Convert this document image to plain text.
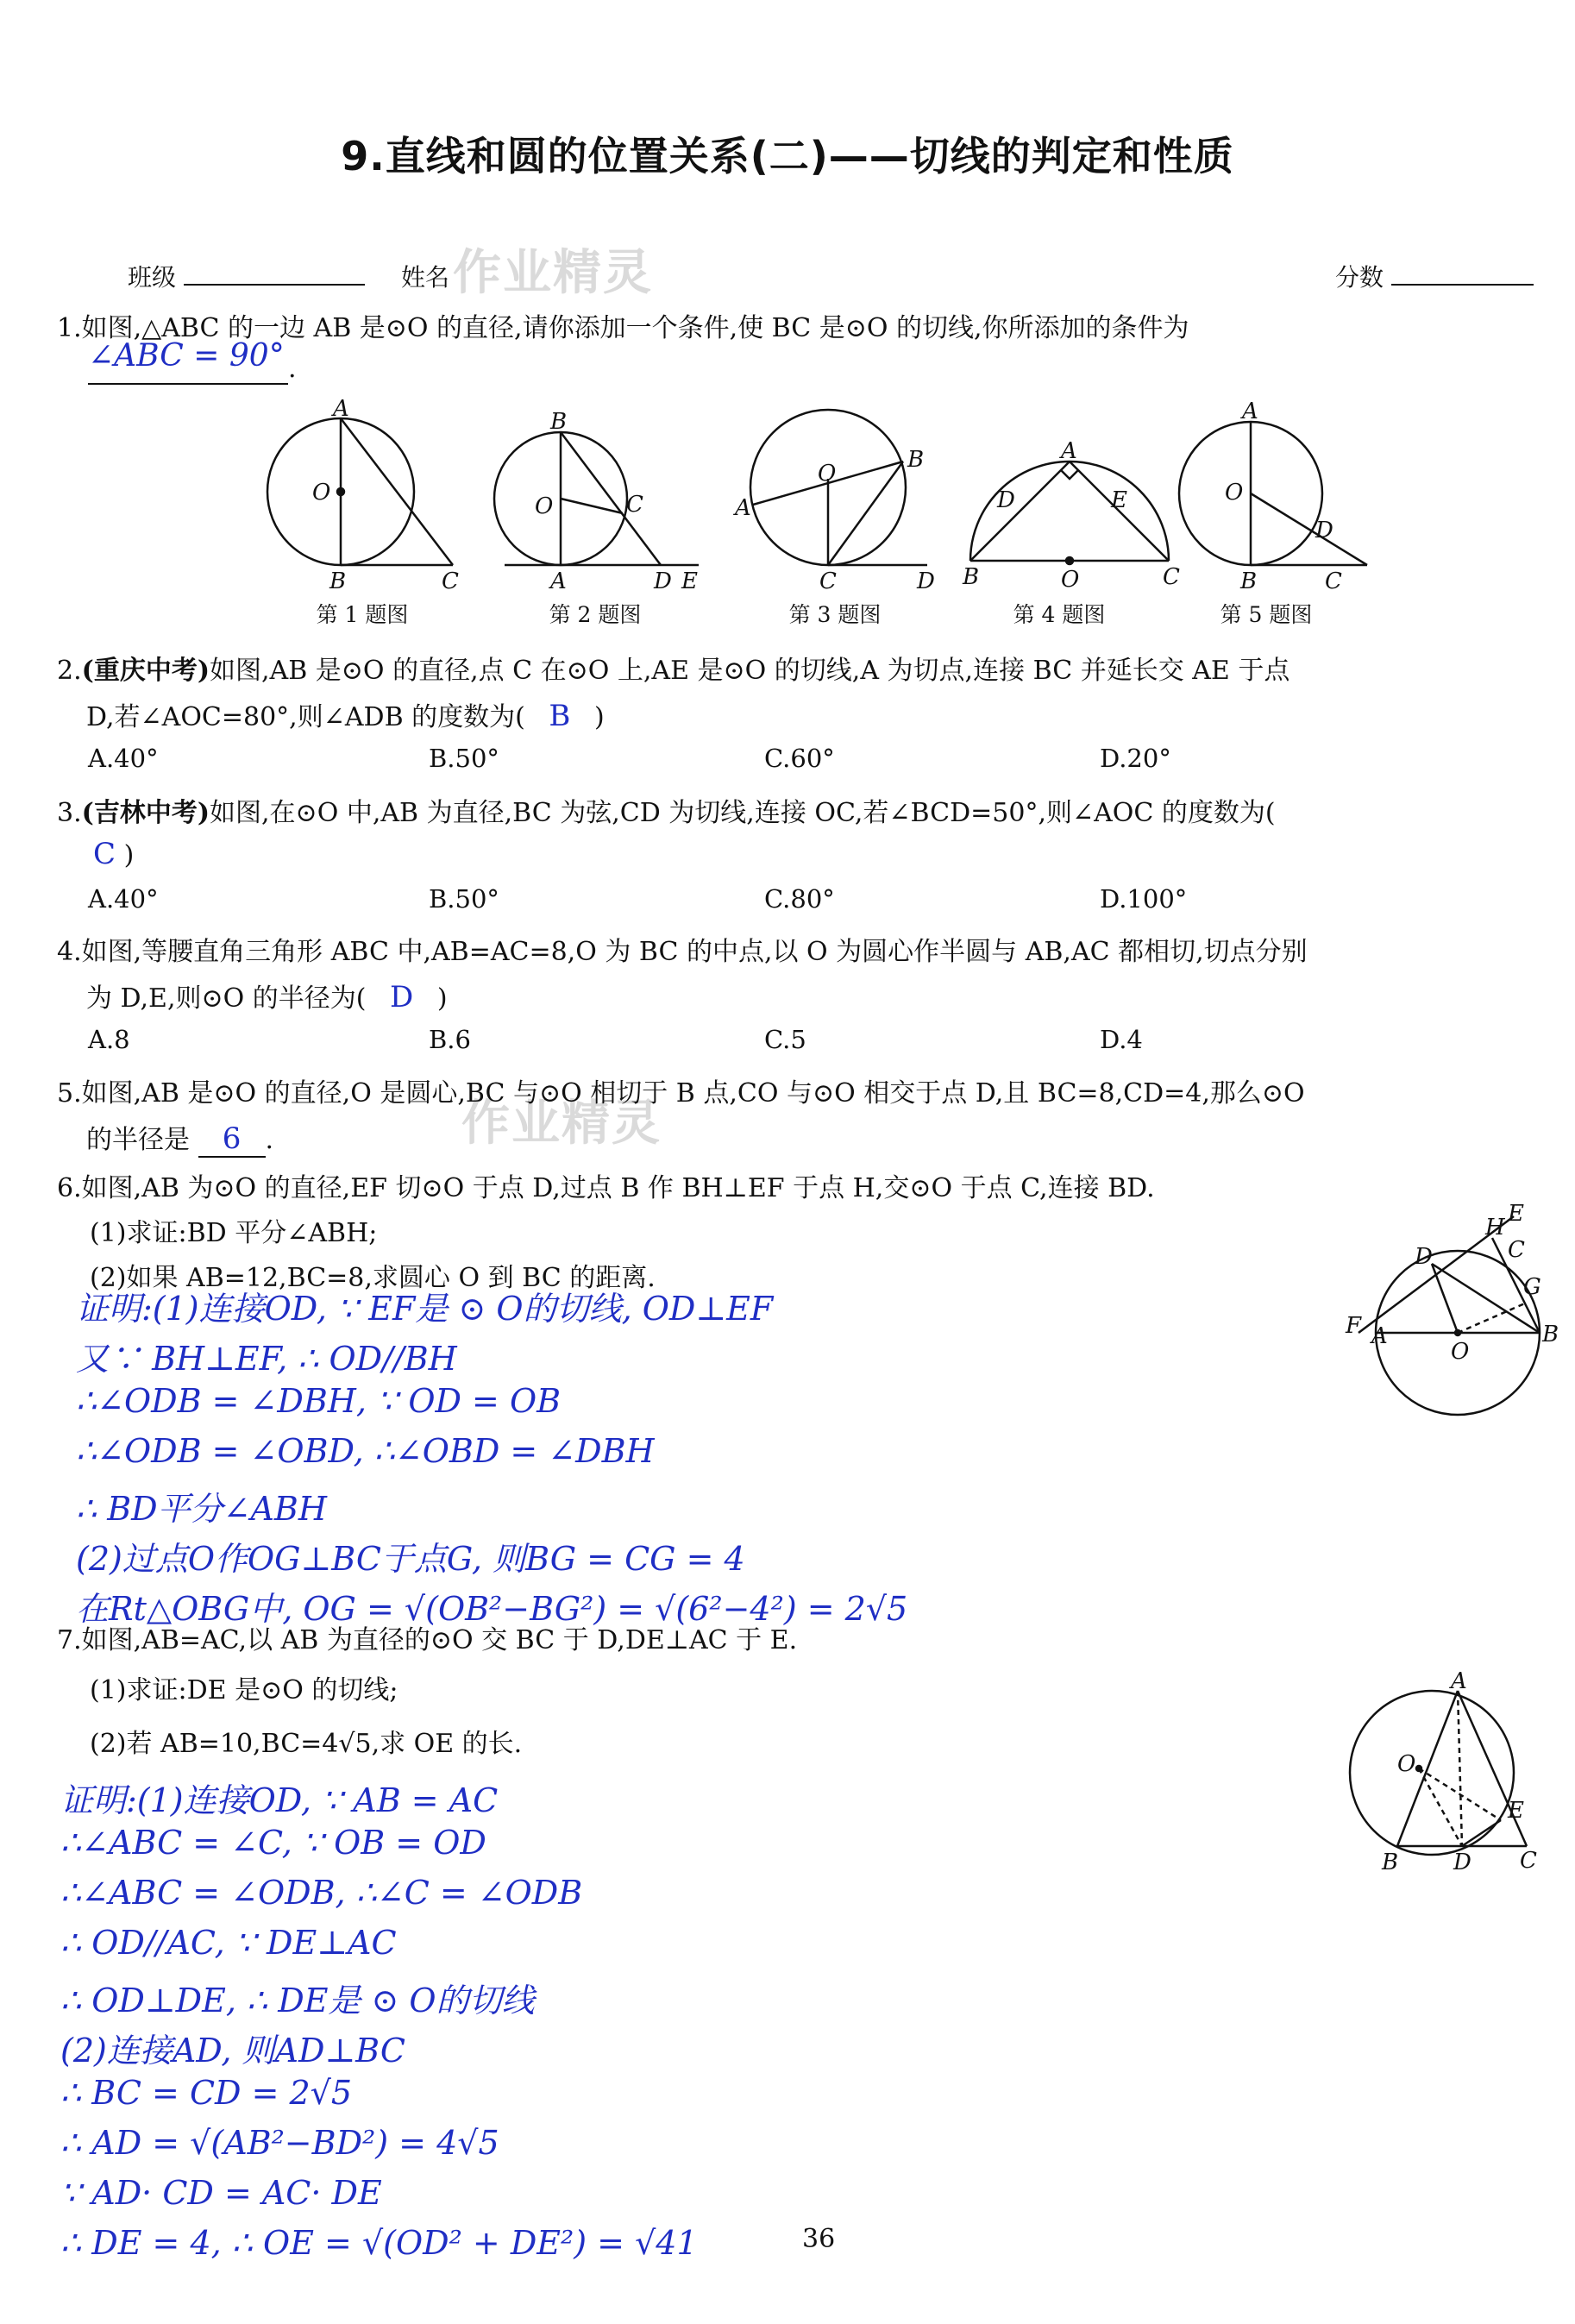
9.直线和圆的位置关系(二)——切线的判定和性质
班级	姓名	分数
作业精灵
作业精灵
1.如图,△ABC 的一边 AB 是⊙O 的直径,请你添加一个条件,使 BC 是⊙O 的切线,你所添加的条件为
∠ABC = 90° .
A
O
B	C
B
O	C
A	D E
O
B
A
C	D
A
D	E
B	O	C
A
O
D
B	C
第 1 题图	第 2 题图	第 3 题图	第 4 题图	第 5 题图
2.(重庆中考)如图,AB 是⊙O 的直径,点 C 在⊙O 上,AE 是⊙O 的切线,A 为切点,连接 BC 并延长交 AE 于点
D,若∠AOC=80°,则∠ADB 的度数为( B )
A.40°	B.50°	C.60°	D.20°
3.(吉林中考)如图,在⊙O 中,AB 为直径,BC 为弦,CD 为切线,连接 OC,若∠BCD=50°,则∠AOC 的度数为(
C )
A.40°	B.50°	C.80°	D.100°
4.如图,等腰直角三角形 ABC 中,AB=AC=8,O 为 BC 的中点,以 O 为圆心作半圆与 AB,AC 都相切,切点分别
为 D,E,则⊙O 的半径为( D )
A.8	B.6	C.5	D.4
5.如图,AB 是⊙O 的直径,O 是圆心,BC 与⊙O 相切于 B 点,CO 与⊙O 相交于点 D,且 BC=8,CD=4,那么⊙O
的半径是 6 .
6.如图,AB 为⊙O 的直径,EF 切⊙O 于点 D,过点 B 作 BH⊥EF 于点 H,交⊙O 于点 C,连接 BD.
(1)求证:BD 平分∠ABH;
(2)如果 AB=12,BC=8,求圆心 O 到 BC 的距离.
证明:(1)连接OD, ∵ EF是 ⊙ O的切线, OD⊥EF
又∵ BH⊥EF, ∴ OD//BH
∴∠ODB = ∠DBH, ∵ OD = OB
∴∠ODB = ∠OBD, ∴∠OBD = ∠DBH
∴ BD平分∠ABH
(2)过点O作OG⊥BC于点G, 则BG = CG = 4
在Rt△OBG中, OG = √(OB²−BG²) = √(6²−4²) = 2√5
E
H
C
D
G
F A	B
O
7.如图,AB=AC,以 AB 为直径的⊙O 交 BC 于 D,DE⊥AC 于 E.
(1)求证:DE 是⊙O 的切线;
(2)若 AB=10,BC=4√5,求 OE 的长.
证明:(1)连接OD, ∵ AB = AC
∴∠ABC = ∠C, ∵ OB = OD
∴∠ABC = ∠ODB, ∴∠C = ∠ODB
∴ OD//AC, ∵ DE⊥AC
∴ OD⊥DE, ∴ DE是 ⊙ O的切线
(2)连接AD, 则AD⊥BC
∴ BC = CD = 2√5
∴ AD = √(AB²−BD²) = 4√5
∵ AD· CD = AC· DE
∴ DE = 4, ∴ OE = √(OD² + DE²) = √41
A
O
E
B D C
36
